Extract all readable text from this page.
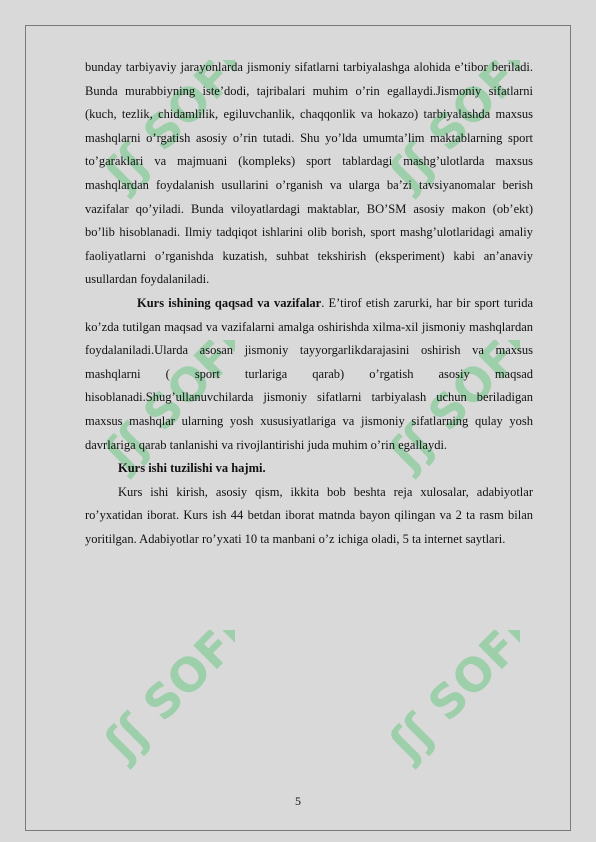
ʃʃ SOFF
ʃʃ SOFF
ʃʃ SOFF
ʃʃ SOFF
ʃʃ SOFF
ʃʃ SOFF

bunday tarbiyaviy jarayonlarda jismoniy sifatlarni tarbiyalashga alohida e’tibor beriladi. Bunda murabbiyning iste’dodi, tajribalari muhim o’rin egallaydi.Jismoniy sifatlarni (kuch, tezlik, chidamlilik, egiluvchanlik, chaqqonlik va hokazo) tarbiyalashda maxsus mashqlarni o’rgatish asosiy o’rin tutadi. Shu yo’lda umumta’lim maktablarning sport to’garaklari va majmuani (kompleks) sport tablardagi mashg’ulotlarda maxsus mashqlardan foydalanish usullarini o’rganish va ularga ba’zi tavsiyanomalar berish vazifalar qo’yiladi. Bunda viloyatlardagi maktablar, BO’SM asosiy makon (ob’ekt) bo’lib hisoblanadi. Ilmiy tadqiqot ishlarini olib borish, sport mashg’ulotlaridagi amaliy faoliyatlarni o’rganishda kuzatish, suhbat tekshirish (eksperiment) kabi an’anaviy usullardan foydalaniladi.

Kurs ishining qaqsad va vazifalar. E’tirof etish zarurki, har bir sport turida ko’zda tutilgan maqsad va vazifalarni amalga oshirishda xilma-xil jismoniy mashqlardan foydalaniladi.Ularda asosan jismoniy tayyorgarlikdarajasini oshirish va maxsus mashqlarni ( sport turlariga qarab) o’rgatish asosiy maqsad hisoblanadi.Shug’ullanuvchilarda jismoniy sifatlarni tarbiyalash uchun beriladigan maxsus mashqlar ularning yosh xususiyatlariga va jismoniy sifatlarning qulay yosh davrlariga qarab tanlanishi va rivojlantirishi juda muhim o’rin egallaydi.

Kurs ishi tuzilishi va hajmi.

Kurs ishi kirish, asosiy qism, ikkita bob beshta reja xulosalar, adabiyotlar ro’yxatidan iborat. Kurs ish 44 betdan iborat matnda bayon qilingan va 2 ta rasm bilan yoritilgan. Adabiyotlar ro’yxati 10 ta manbani o’z ichiga oladi, 5 ta internet saytlari.

5
